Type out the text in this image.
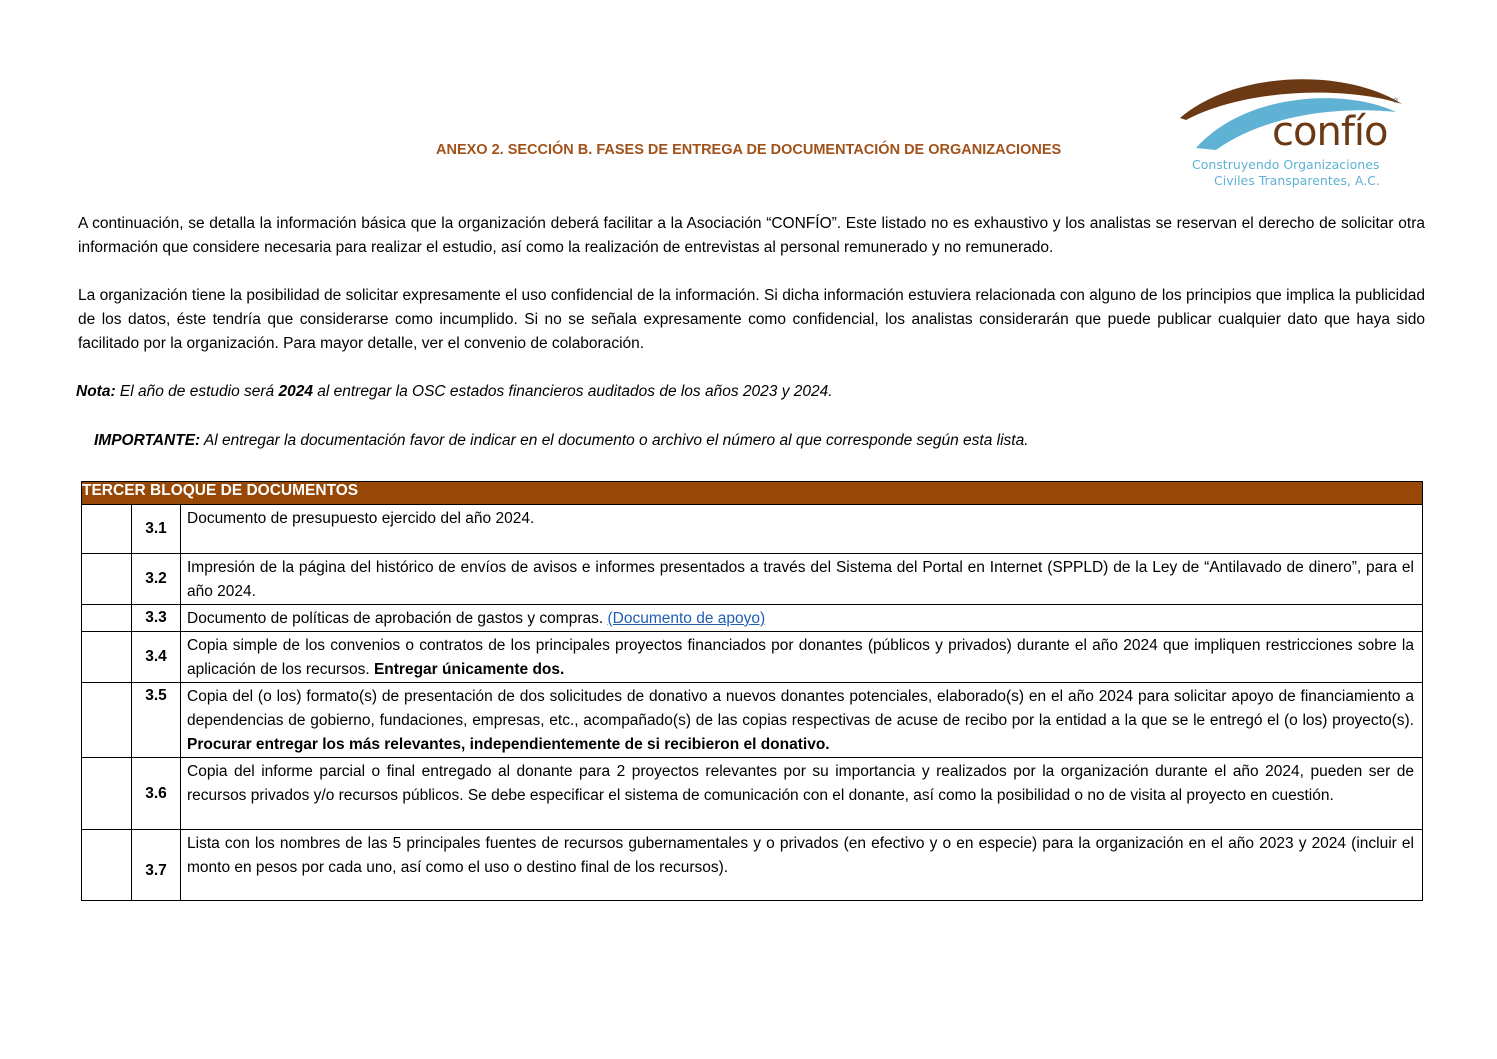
confío
®
Construyendo Organizaciones
Civiles Transparentes, A.C.
ANEXO 2. SECCIÓN B. FASES DE ENTREGA DE DOCUMENTACIÓN DE ORGANIZACIONES
A continuación, se detalla la información básica que la organización deberá facilitar a la Asociación “CONFÍO”. Este listado no es exhaustivo y los analistas se reservan el derecho de solicitar otra información que considere necesaria para realizar el estudio, así como la realización de entrevistas al personal remunerado y no remunerado.
La organización tiene la posibilidad de solicitar expresamente el uso confidencial de la información. Si dicha información estuviera relacionada con alguno de los principios que implica la publicidad de los datos, éste tendría que considerarse como incumplido. Si no se señala expresamente como confidencial, los analistas considerarán que puede publicar cualquier dato que haya sido facilitado por la organización. Para mayor detalle, ver el convenio de colaboración.
Nota: El año de estudio será 2024 al entregar la OSC estados financieros auditados de los años 2023 y 2024.
IMPORTANTE: Al entregar la documentación favor de indicar en el documento o archivo el número al que corresponde según esta lista.
TERCER BLOQUE DE DOCUMENTOS		
	3.1	Documento de presupuesto ejercido del año 2024.
	3.2	Impresión de la página del histórico de envíos de avisos e informes presentados a través del Sistema del Portal en Internet (SPPLD) de la Ley de “Antilavado de dinero”, para el año 2024.
	3.3	Documento de políticas de aprobación de gastos y compras. (Documento de apoyo)
	3.4	Copia simple de los convenios o contratos de los principales proyectos financiados por donantes (públicos y privados) durante el año 2024 que impliquen restricciones sobre la aplicación de los recursos. Entregar únicamente dos.
	3.5	Copia del (o los) formato(s) de presentación de dos solicitudes de donativo a nuevos donantes potenciales, elaborado(s) en el año 2024 para solicitar apoyo de financiamiento a dependencias de gobierno, fundaciones, empresas, etc., acompañado(s) de las copias respectivas de acuse de recibo por la entidad a la que se le entregó el (o los) proyecto(s). Procurar entregar los más relevantes, independientemente de si recibieron el donativo.
	3.6	Copia del informe parcial o final entregado al donante para 2 proyectos relevantes por su importancia y realizados por la organización durante el año 2024, pueden ser de recursos privados y/o recursos públicos. Se debe especificar el sistema de comunicación con el donante, así como la posibilidad o no de visita al proyecto en cuestión.
	3.7	Lista con los nombres de las 5 principales fuentes de recursos gubernamentales y o privados (en efectivo y o en especie) para la organización en el año 2023 y 2024 (incluir el monto en pesos por cada uno, así como el uso o destino final de los recursos).
